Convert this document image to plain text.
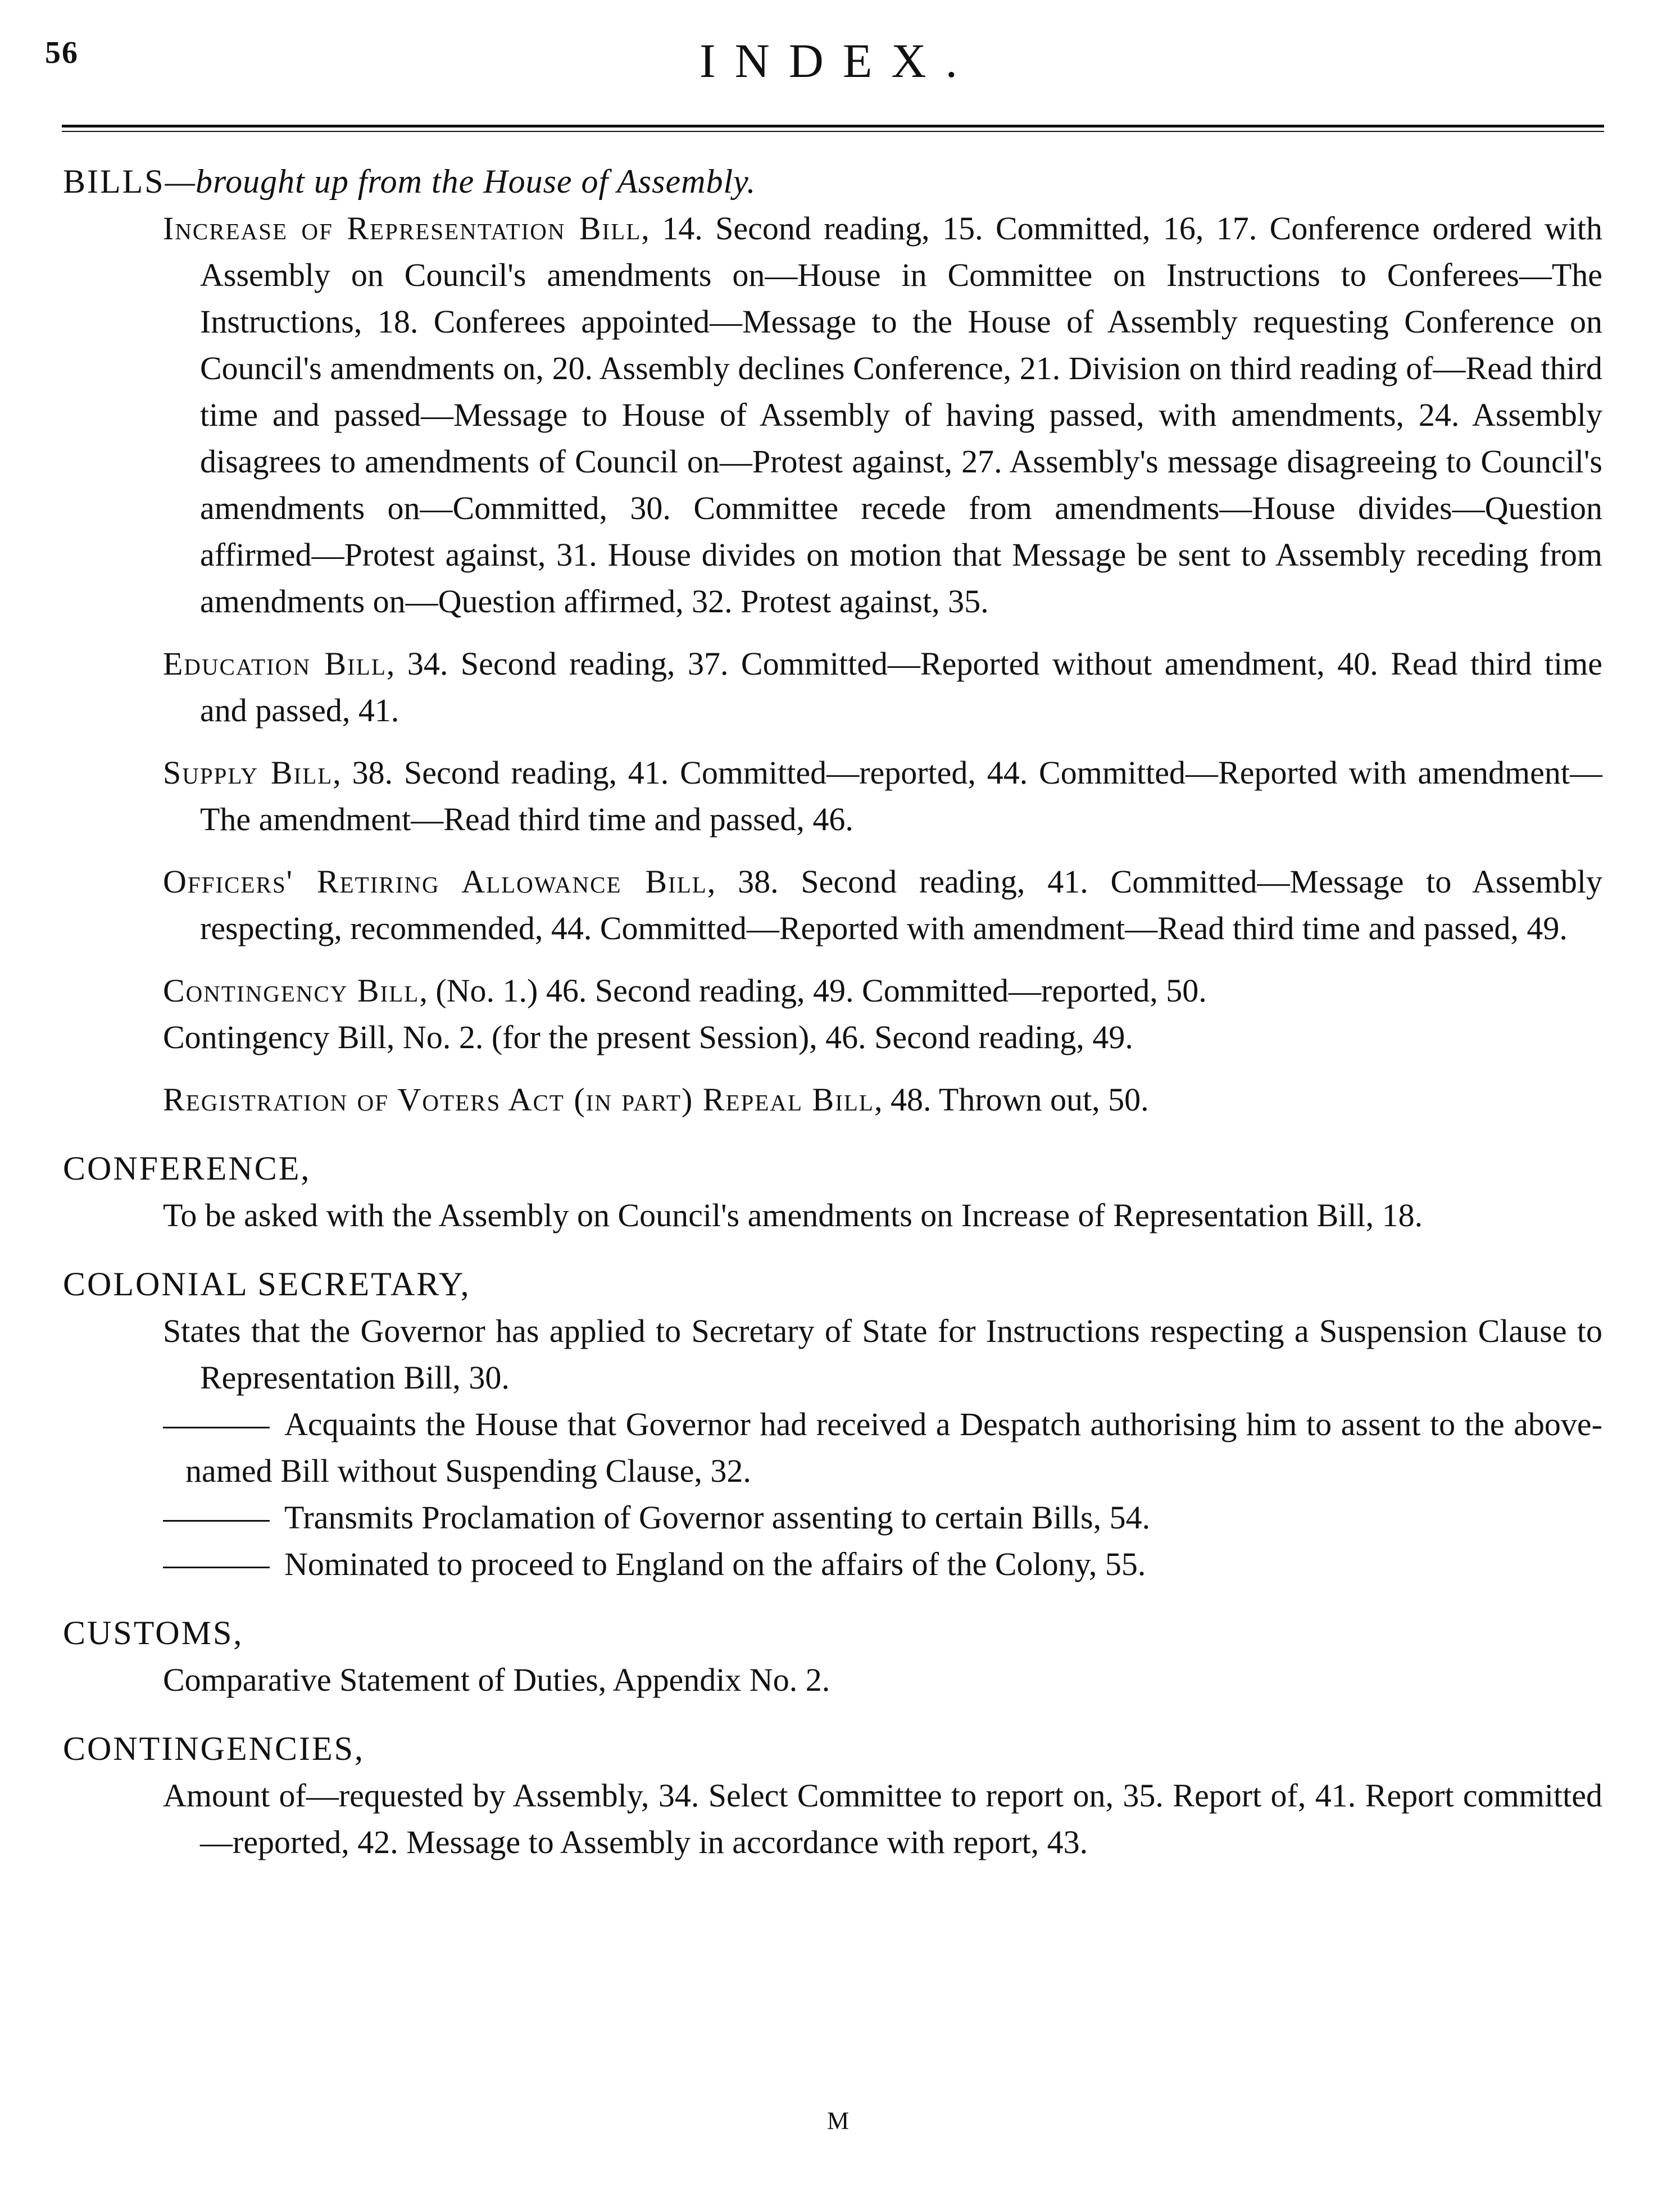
56	INDEX.

BILLS—brought up from the House of Assembly.

Increase of Representation Bill, 14. Second reading, 15. Committed, 16, 17. Conference ordered with Assembly on Council's amendments on—House in Committee on Instructions to Conferees—The Instructions, 18. Conferees appointed—Message to the House of Assembly requesting Conference on Council's amendments on, 20. Assembly declines Conference, 21. Division on third reading of—Read third time and passed—Message to House of Assembly of having passed, with amendments, 24. Assembly disagrees to amendments of Council on—Protest against, 27. Assembly's message disagreeing to Council's amendments on—Committed, 30. Committee recede from amendments—House divides—Question affirmed—Protest against, 31. House divides on motion that Message be sent to Assembly receding from amendments on—Question affirmed, 32. Protest against, 35.

Education Bill, 34. Second reading, 37. Committed—Reported without amendment, 40. Read third time and passed, 41.

Supply Bill, 38. Second reading, 41. Committed—reported, 44. Committed—Reported with amendment—The amendment—Read third time and passed, 46.

Officers' Retiring Allowance Bill, 38. Second reading, 41. Committed—Message to Assembly respecting, recommended, 44. Committed—Reported with amendment—Read third time and passed, 49.

Contingency Bill, (No. 1.) 46. Second reading, 49. Committed—reported, 50.

Contingency Bill, No. 2. (for the present Session), 46. Second reading, 49.

Registration of Voters Act (in part) Repeal Bill, 48. Thrown out, 50.

CONFERENCE,

To be asked with the Assembly on Council's amendments on Increase of Representation Bill, 18.

COLONIAL SECRETARY,

States that the Governor has applied to Secretary of State for Instructions respecting a Suspension Clause to Representation Bill, 30.

Acquaints the House that Governor had received a Despatch authorising him to assent to the above-named Bill without Suspending Clause, 32.

Transmits Proclamation of Governor assenting to certain Bills, 54.

Nominated to proceed to England on the affairs of the Colony, 55.

CUSTOMS,

Comparative Statement of Duties, Appendix No. 2.

CONTINGENCIES,

Amount of—requested by Assembly, 34. Select Committee to report on, 35. Report of, 41. Report committed—reported, 42. Message to Assembly in accordance with report, 43.

M
